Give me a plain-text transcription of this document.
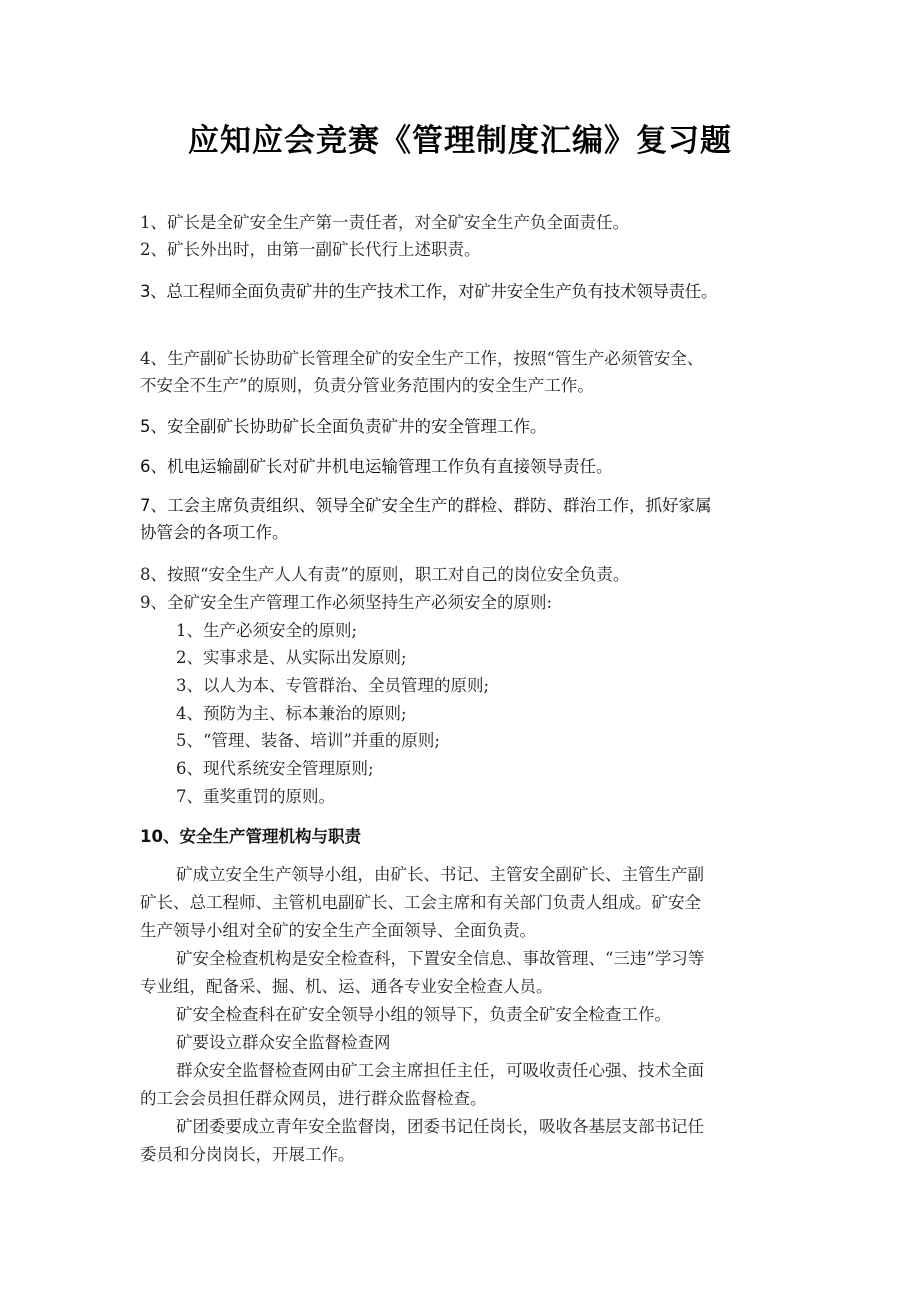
应知应会竞赛《管理制度汇编》复习题
1、矿长是全矿安全生产第一责任者，对全矿安全生产负全面责任。
2、矿长外出时，由第一副矿长代行上述职责。
3、总工程师全面负责矿井的生产技术工作，对矿井安全生产负有技术领导责任。
4、生产副矿长协助矿长管理全矿的安全生产工作，按照“管生产必须管安全、
不安全不生产”的原则，负责分管业务范围内的安全生产工作。
5、安全副矿长协助矿长全面负责矿井的安全管理工作。
6、机电运输副矿长对矿井机电运输管理工作负有直接领导责任。
7、工会主席负责组织、领导全矿安全生产的群检、群防、群治工作，抓好家属
协管会的各项工作。
8、按照“安全生产人人有责”的原则，职工对自己的岗位安全负责。
9、全矿安全生产管理工作必须坚持生产必须安全的原则:
1、生产必须安全的原则;
2、实事求是、从实际出发原则;
3、以人为本、专管群治、全员管理的原则;
4、预防为主、标本兼治的原则;
5、“管理、装备、培训”并重的原则;
6、现代系统安全管理原则;
7、重奖重罚的原则。
10、安全生产管理机构与职责
矿成立安全生产领导小组，由矿长、书记、主管安全副矿长、主管生产副
矿长、总工程师、主管机电副矿长、工会主席和有关部门负责人组成。矿安全
生产领导小组对全矿的安全生产全面领导、全面负责。
矿安全检查机构是安全检查科，下置安全信息、事故管理、“三违”学习等
专业组，配备采、掘、机、运、通各专业安全检查人员。
矿安全检查科在矿安全领导小组的领导下，负责全矿安全检查工作。
矿要设立群众安全监督检查网
群众安全监督检查网由矿工会主席担任主任，可吸收责任心强、技术全面
的工会会员担任群众网员，进行群众监督检查。
矿团委要成立青年安全监督岗，团委书记任岗长，吸收各基层支部书记任
委员和分岗岗长，开展工作。
